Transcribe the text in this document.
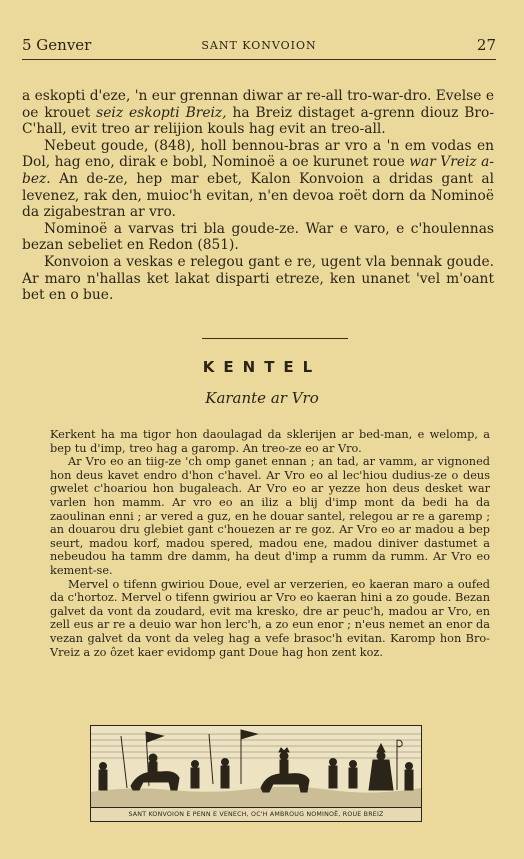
5 Genver	SANT KONVOION	27

a eskopti d'eze, 'n eur grennan diwar ar re-all tro-war-dro. Evelse e oe krouet seiz eskopti Breiz, ha Breiz distaget a-grenn diouz Bro-C'hall, evit treo ar relijion kouls hag evit an treo-all.

Nebeut goude, (848), holl bennou-bras ar vro a 'n em vodas en Dol, hag eno, dirak e bobl, Nominoë a oe kurunet roue war Vreiz a-bez. An de-ze, hep mar ebet, Kalon Konvoion a dridas gant al levenez, rak den, muioc'h evitan, n'en devoa roët dorn da Nominoë da zigabestran ar vro.

Nominoë a varvas tri bla goude-ze. War e varo, e c'houlennas bezan sebeliet en Redon (851).

Konvoion a veskas e relegou gant e re, ugent vla bennak goude. Ar maro n'hallas ket lakat disparti etreze, ken unanet 'vel m'oant bet en o bue.

KENTEL
Karante ar Vro

Kerkent ha ma tigor hon daoulagad da sklerijen ar bed-man, e welomp, a bep tu d'imp, treo hag a garomp. An treo-ze eo ar Vro.

Ar Vro eo an tiig-ze 'ch omp ganet ennan ; an tad, ar vamm, ar vignoned hon deus kavet endro d'hon c'havel. Ar Vro eo al lec'hiou dudius-ze o deus gwelet c'hoariou hon bugaleach. Ar Vro eo ar yezze hon deus desket war varlen hon mamm. Ar vro eo an iliz a blij d'imp mont da bedi ha da zaoulinan enni ; ar vered a guz, en he douar santel, relegou ar re a garemp ; an douarou dru glebiet gant c'houezen ar re goz. Ar Vro eo ar madou a bep seurt, madou korf, madou spered, madou ene, madou diniver dastumet a nebeudou ha tamm dre damm, ha deut d'imp a rumm da rumm. Ar Vro eo kement-se.

Mervel o tifenn gwiriou Doue, evel ar verzerien, eo kaeran maro a oufed da c'hortoz. Mervel o tifenn gwiriou ar Vro eo kaeran hini a zo goude. Bezan galvet da vont da zoudard, evit ma kresko, dre ar peuc'h, madou ar Vro, en zell eus ar re a deuio war hon lerc'h, a zo eun enor ; n'eus nemet an enor da vezan galvet da vont da veleg hag a vefe brasoc'h evitan. Karomp hon Bro-Vreiz a zo ôzet kaer evidomp gant Doue hag hon zent koz.

SANT KONVOION E PENN E VENECH, OC'H AMBROUG NOMINOË, ROUE BREIZ
